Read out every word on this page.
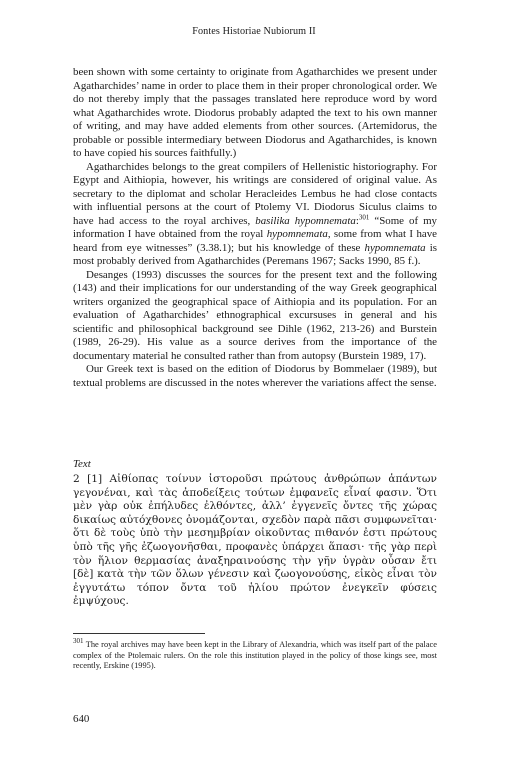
Fontes Historiae Nubiorum II

been shown with some certainty to originate from Agatharchides we present under Agatharchides’ name in order to place them in their proper chronological order. We do not thereby imply that the passages translated here reproduce word by word what Agatharchides wrote. Diodorus probably adapted the text to his own manner of writing, and may have added elements from other sources. (Artemidorus, the probable or possible intermediary between Diodorus and Agatharchides, is known to have copied his sources faithfully.)

Agatharchides belongs to the great compilers of Hellenistic historiography. For Egypt and Aithiopia, however, his writings are considered of original value. As secretary to the diplomat and scholar Heracleides Lembus he had close contacts with influential persons at the court of Ptolemy VI. Diodorus Siculus claims to have had access to the royal archives, basilika hypomnemata:$^{301}$ “Some of my information I have obtained from the royal hypomnemata, some from what I have heard from eye witnesses” (3.38.1); but his knowledge of these hypomnemata is most probably derived from Agatharchides (Peremans 1967; Sacks 1990, 85 f.).

Desanges (1993) discusses the sources for the present text and the following (143) and their implications for our understanding of the way Greek geographical writers organized the geographical space of Aithiopia and its population. For an evaluation of Agatharchides’ ethnographical excursuses in general and his scientific and philosophical background see Dihle (1962, 213-26) and Burstein (1989, 26-29). His value as a source derives from the importance of the documentary material he consulted rather than from autopsy (Burstein 1989, 17).

Our Greek text is based on the edition of Diodorus by Bommelaer (1989), but textual problems are discussed in the notes wherever the variations affect the sense.

Text
2 [1] Αἰθίοπας τοίνυν ἱστοροῦσι πρώτους ἀνθρώπων ἁπάντων γεγονέναι, καὶ τὰς ἀποδείξεις τούτων ἐμφανεῖς εἶναί φασιν. Ὅτι μὲν γὰρ οὐκ ἐπήλυδες ἐλθόντες, ἀλλ’ ἐγγενεῖς ὄντες τῆς χώρας δικαίως αὐτόχθονες ὀνομάζονται, σχεδὸν παρὰ πᾶσι συμφωνεῖται· ὅτι δὲ τοὺς ὑπὸ τὴν μεσημβρίαν οἰκοῦντας πιθανόν ἐστι πρώτους ὑπὸ τῆς γῆς ἐζωογονῆσθαι, προφανὲς ὑπάρχει ἅπασι· τῆς γὰρ περὶ τὸν ἥλιον θερμασίας ἀναξηραινούσης τὴν γῆν ὑγρὰν οὖσαν ἔτι [δὲ] κατὰ τὴν τῶν ὅλων γένεσιν καὶ ζωογονούσης, εἰκὸς εἶναι τὸν ἐγγυτάτω τόπον ὄντα τοῦ ἡλίου πρώτον ἐνεγκεῖν φύσεις ἐμψύχους.
$^{301}$ The royal archives may have been kept in the Library of Alexandria, which was itself part of the palace complex of the Ptolemaic rulers. On the role this institution played in the policy of those kings see, most recently, Erskine (1995).
640
